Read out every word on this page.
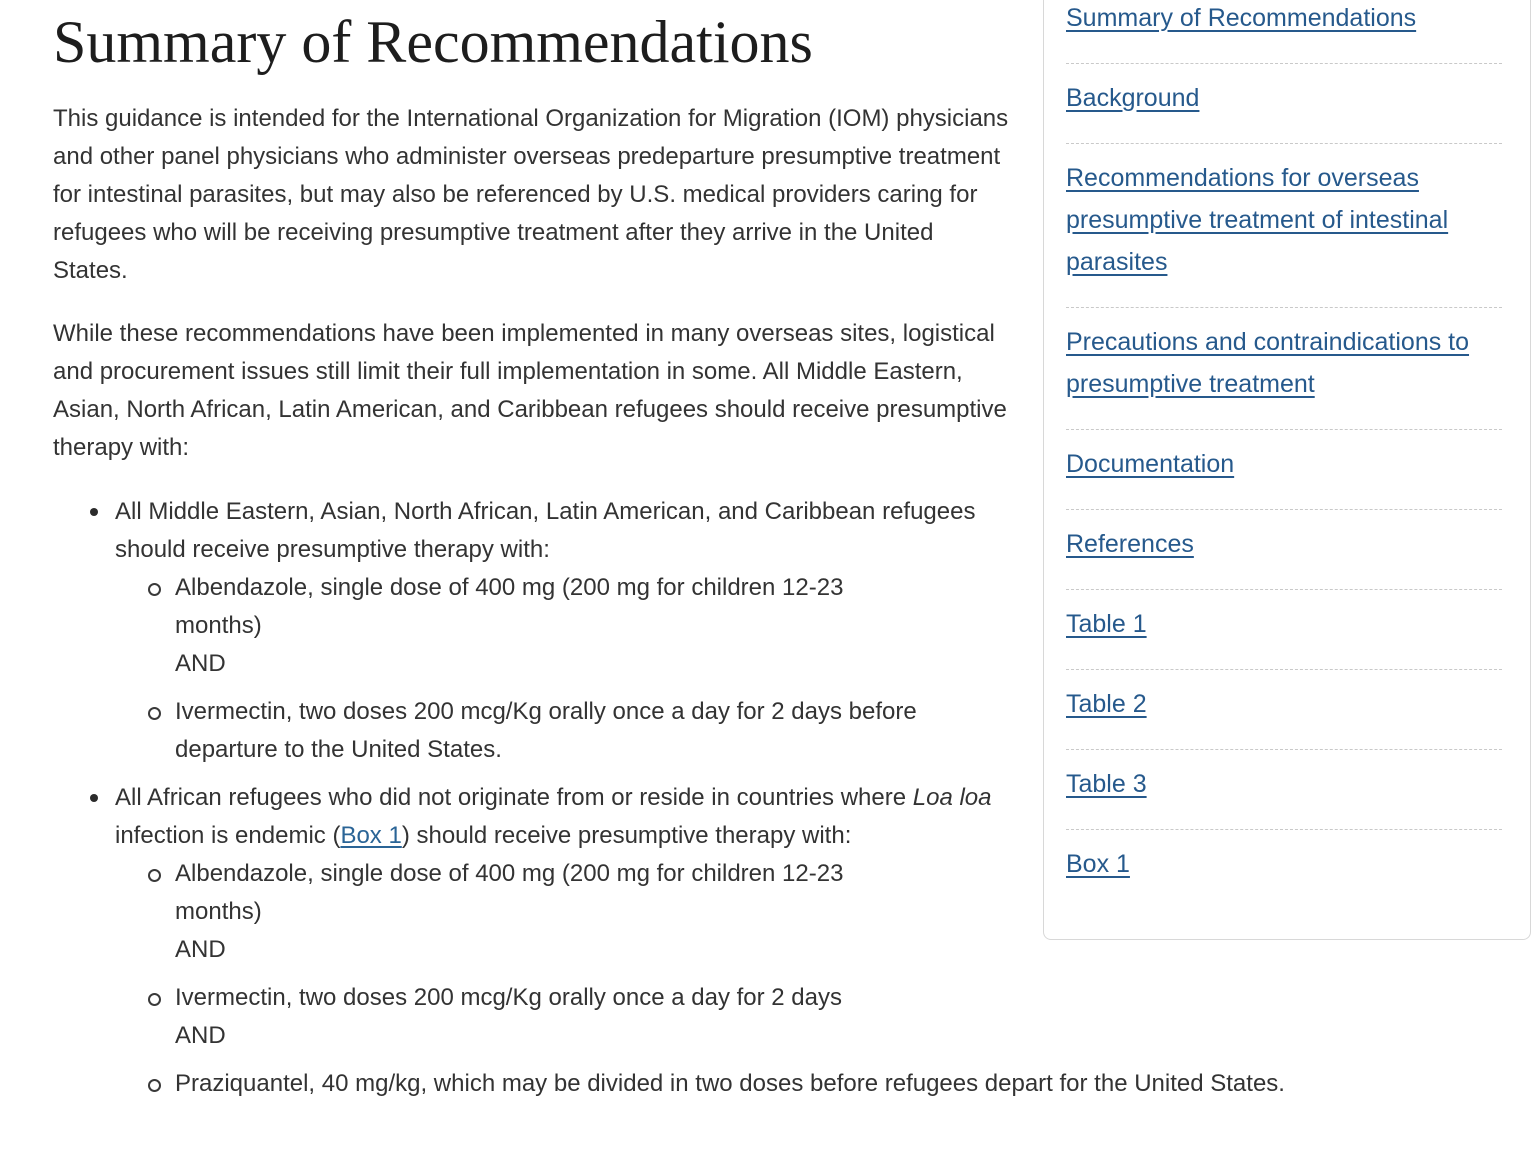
Summary of Recommendations
Background
Recommendations for overseas presumptive treatment of intestinal parasites
Precautions and contraindications to presumptive treatment
Documentation
References
Table 1
Table 2
Table 3
Box 1
Summary of Recommendations

This guidance is intended for the International Organization for Migration (IOM) physicians and other panel physicians who administer overseas predeparture presumptive treatment for intestinal parasites, but may also be referenced by U.S. medical providers caring for refugees who will be receiving presumptive treatment after they arrive in the United States.

While these recommendations have been implemented in many overseas sites, logistical and procurement issues still limit their full implementation in some. All Middle Eastern, Asian, North African, Latin American, and Caribbean refugees should receive presumptive therapy with:

All Middle Eastern, Asian, North African, Latin American, and Caribbean refugees should receive presumptive therapy with:
Albendazole, single dose of 400 mg (200 mg for children 12-23 months)
AND
Ivermectin, two doses 200 mcg/Kg orally once a day for 2 days before departure to the United States.
All African refugees who did not originate from or reside in countries where Loa loa infection is endemic (Box 1) should receive presumptive therapy with:
Albendazole, single dose of 400 mg (200 mg for children 12-23 months)
AND
Ivermectin, two doses 200 mcg/Kg orally once a day for 2 days
AND
Praziquantel, 40 mg/kg, which may be divided in two doses before refugees depart for the United States.
